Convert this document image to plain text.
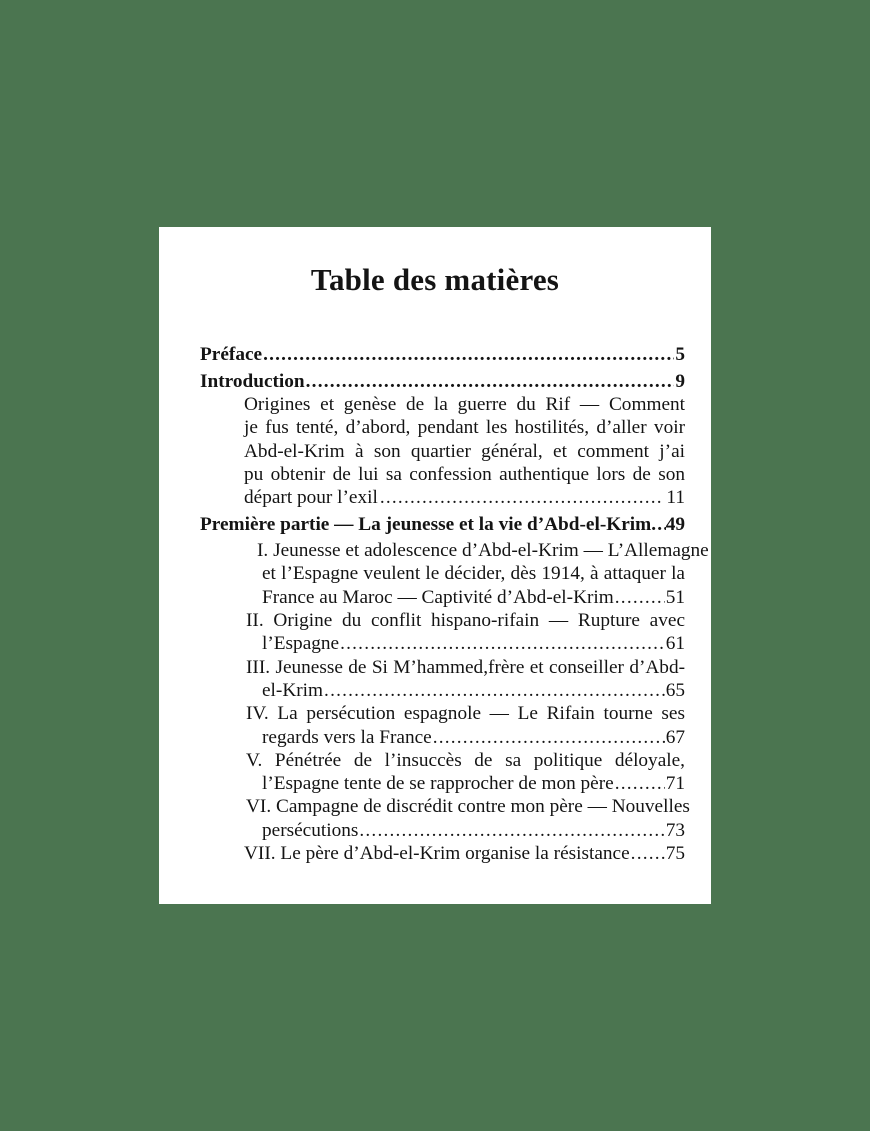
Table des matières
Préface .....	5
Introduction .....	9
Origines et genèse de la guerre du Rif — Comment
je fus tenté, d’abord, pendant les hostilités, d’aller voir
Abd-el-Krim à son quartier général, et comment j’ai
pu obtenir de lui sa confession authentique lors de son
départ pour l’exil .....	11
Première partie — La jeunesse et la vie d’Abd-el-Krim ..... 49
I. Jeunesse et adolescence d’Abd-el-Krim — L’Allemagne
et l’Espagne veulent le décider, dès 1914, à attaquer la
France au Maroc — Captivité d’Abd-el-Krim .....	51
II. Origine du conflit hispano-rifain — Rupture avec
l’Espagne .....	61
III. Jeunesse de Si M’hammed,frère et conseiller d’Abd-
el-Krim .....	65
IV. La persécution espagnole — Le Rifain tourne ses
regards vers la France .....	67
V. Pénétrée de l’insuccès de sa politique déloyale,
l’Espagne tente de se rapprocher de mon père .....	71
VI. Campagne de discrédit contre mon père — Nouvelles
persécutions .....	73
VII.
Le père d’Abd-el-Krim organise la résistance ..... 75
